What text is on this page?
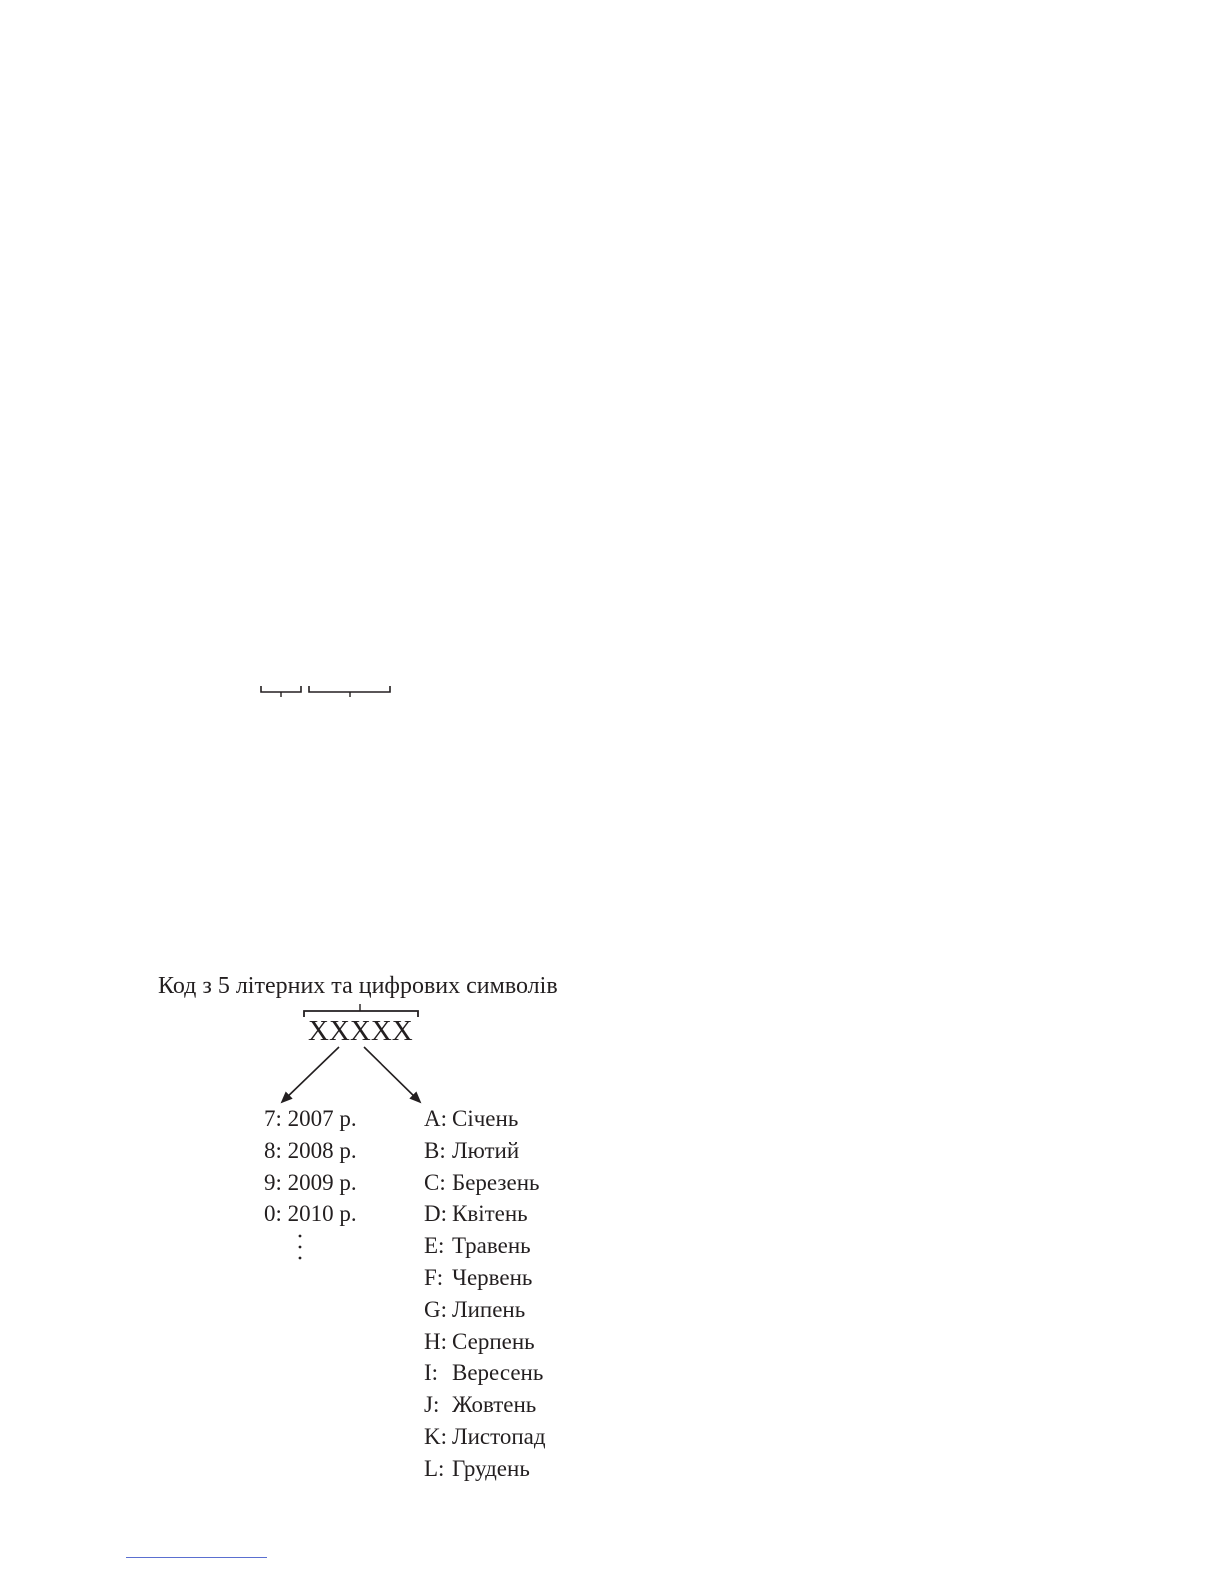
Код з 5 літерних та цифрових символів
XXXXX
7: 2007 р.
8: 2008 р.
9: 2009 р.
0: 2010 р.
A: Січень
B: Лютий
C: Березень
D: Квітень
E: Травень
F: Червень
G: Липень
H: Серпень
I: Вересень
J: Жовтень
K: Листопад
L: Грудень
